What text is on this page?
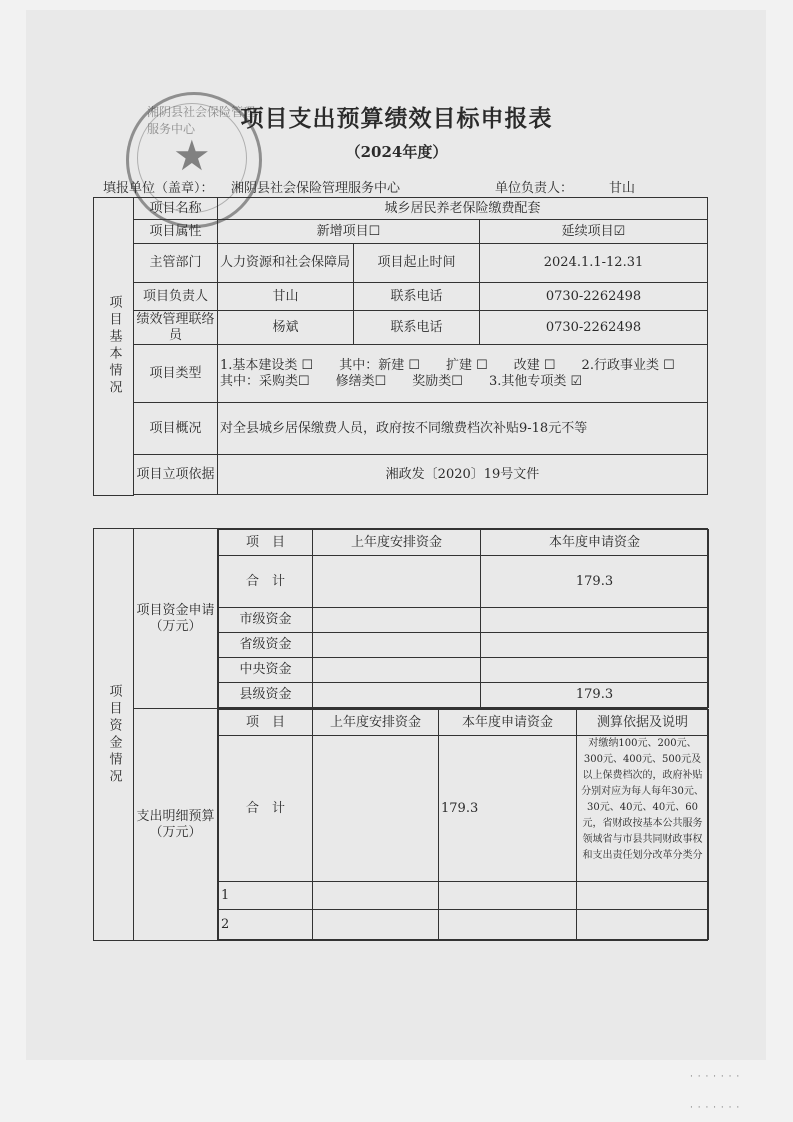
★
湘阴县社会保险管理服务中心	项目支出预算绩效目标申报表
（2024年度）
填报单位（盖章）： 湘阴县社会保险管理服务中心	单位负责人：	甘山
项目基本情况	项目名称	城乡居民养老保险缴费配套		
	项目属性	新增项目☐		延续项目☑
	主管部门	人力资源和社会保障局	项目起止时间	2024.1.1-12.31
	项目负责人	甘山	联系电话	0730-2262498
	绩效管理联络员	杨斌	联系电话	0730-2262498
	项目类型	1.基本建设类 ☐　　其中：新建 ☐　　扩建 ☐　　改建 ☐　　2.行政事业类 ☐　　其中：采购类☐　　修缮类☐　　奖励类☐　　3.其他专项类 ☑		
	项目概况	对全县城乡居保缴费人员，政府按不同缴费档次补贴9-18元不等		
	项目立项依据	湘政发〔2020〕19号文件		

项目资金情况
	项目资金申请（万元）	
项　目	上年度安排资金	本年度申请资金
合　计		179.3
市级资金		
省级资金		
中央资金		
县级资金		179.3

支出明细预算（万元）	
项　目	上年度安排资金	本年度申请资金	测算依据及说明
合　计		179.3	对缴纳100元、200元、300元、400元、500元及以上保费档次的，政府补贴分别对应为每人每年30元、30元、40元、40元、60元，省财政按基本公共服务领域省与市县共同财政事权和支出责任划分改革分类分
1			
2			
· · · · · · ·
· · · · · · ·
